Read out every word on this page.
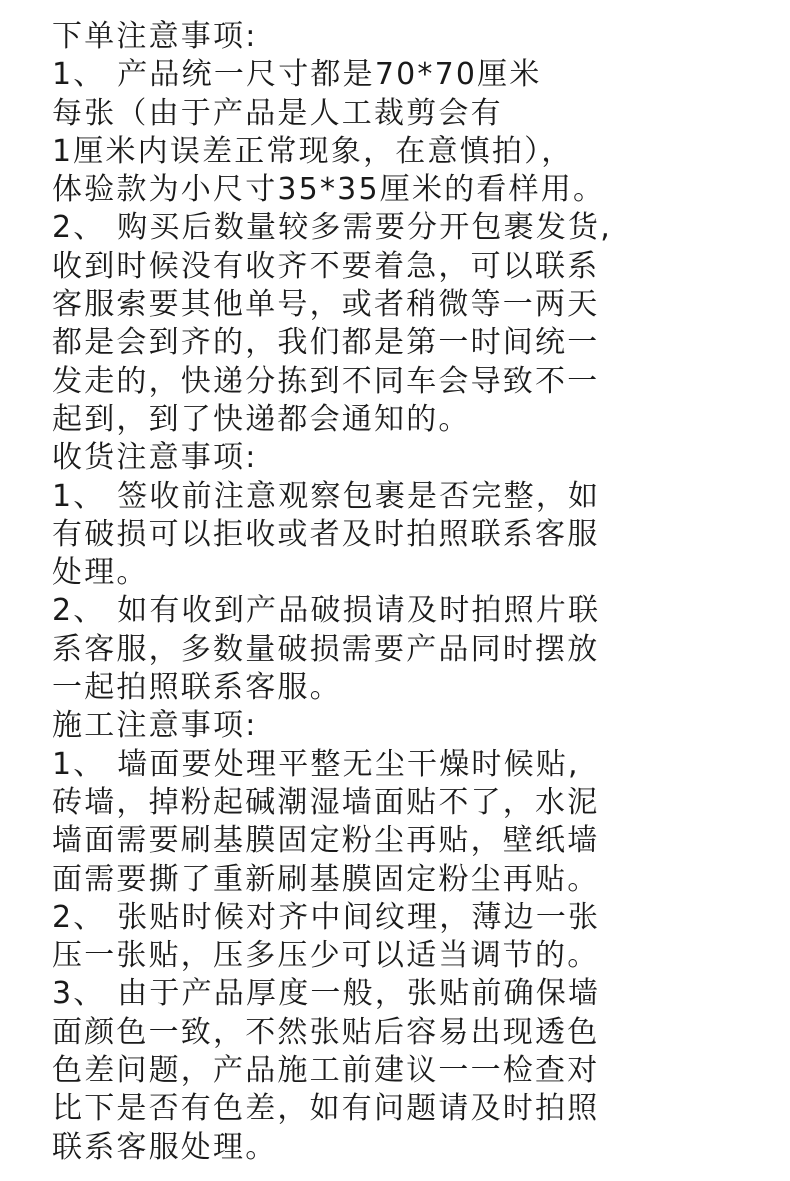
下单注意事项:
1、 产品统一尺寸都是70*70厘米
每张（由于产品是人工裁剪会有
1厘米内误差正常现象，在意慎拍），
体验款为小尺寸35*35厘米的看样用。
2、 购买后数量较多需要分开包裹发货,
收到时候没有收齐不要着急，可以联系
客服索要其他单号，或者稍微等一两天
都是会到齐的，我们都是第一时间统一
发走的，快递分拣到不同车会导致不一
起到，到了快递都会通知的。
收货注意事项:
1、 签收前注意观察包裹是否完整，如
有破损可以拒收或者及时拍照联系客服
处理。
2、 如有收到产品破损请及时拍照片联
系客服，多数量破损需要产品同时摆放
一起拍照联系客服。
施工注意事项:
1、 墙面要处理平整无尘干燥时候贴,
砖墙，掉粉起碱潮湿墙面贴不了，水泥
墙面需要刷基膜固定粉尘再贴，壁纸墙
面需要撕了重新刷基膜固定粉尘再贴。
2、 张贴时候对齐中间纹理，薄边一张
压一张贴，压多压少可以适当调节的。
3、 由于产品厚度一般，张贴前确保墙
面颜色一致，不然张贴后容易出现透色
色差问题，产品施工前建议一一检查对
比下是否有色差，如有问题请及时拍照
联系客服处理。
